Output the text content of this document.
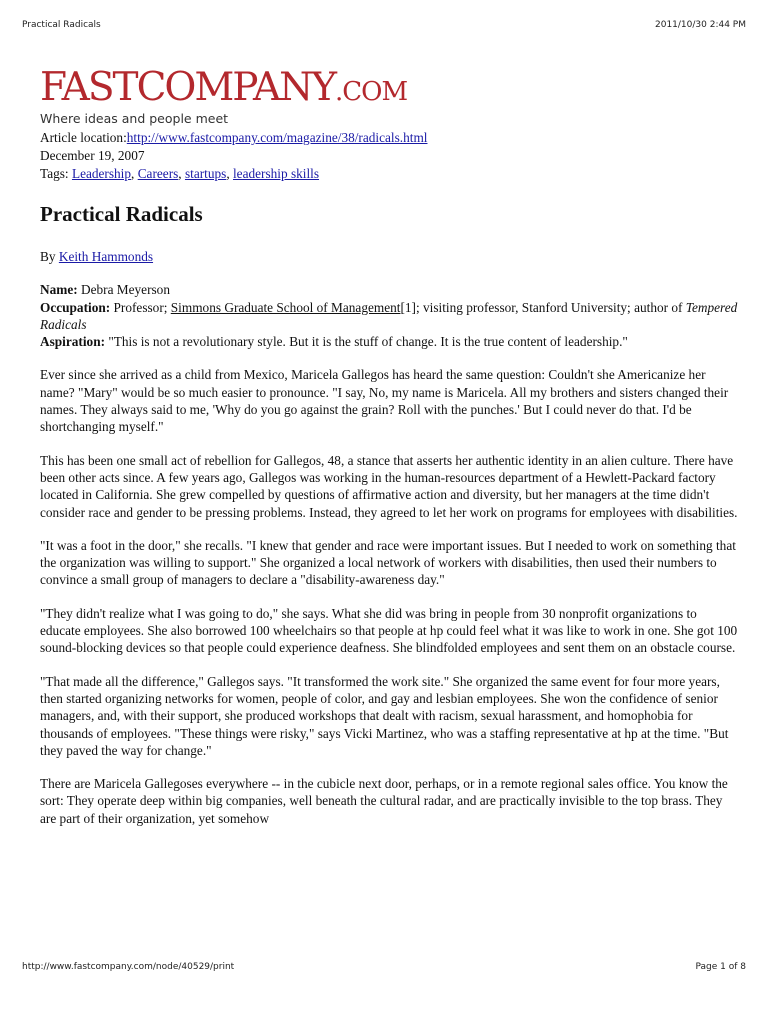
Practical Radicals	2011/10/30 2:44 PM
FASTCOMPANY.COM
Where ideas and people meet
Article location:http://www.fastcompany.com/magazine/38/radicals.html
December 19, 2007
Tags: Leadership, Careers, startups, leadership skills
Practical Radicals
By Keith Hammonds
Name: Debra Meyerson
Occupation: Professor; Simmons Graduate School of Management[1]; visiting professor, Stanford University; author of Tempered Radicals
Aspiration: "This is not a revolutionary style. But it is the stuff of change. It is the true content of leadership."

Ever since she arrived as a child from Mexico, Maricela Gallegos has heard the same question: Couldn't she Americanize her name? "Mary" would be so much easier to pronounce. "I say, No, my name is Maricela. All my brothers and sisters changed their names. They always said to me, 'Why do you go against the grain? Roll with the punches.' But I could never do that. I'd be shortchanging myself."

This has been one small act of rebellion for Gallegos, 48, a stance that asserts her authentic identity in an alien culture. There have been other acts since. A few years ago, Gallegos was working in the human-resources department of a Hewlett-Packard factory located in California. She grew compelled by questions of affirmative action and diversity, but her managers at the time didn't consider race and gender to be pressing problems. Instead, they agreed to let her work on programs for employees with disabilities.

"It was a foot in the door," she recalls. "I knew that gender and race were important issues. But I needed to work on something that the organization was willing to support." She organized a local network of workers with disabilities, then used their numbers to convince a small group of managers to declare a "disability-awareness day."

"They didn't realize what I was going to do," she says. What she did was bring in people from 30 nonprofit organizations to educate employees. She also borrowed 100 wheelchairs so that people at hp could feel what it was like to work in one. She got 100 sound-blocking devices so that people could experience deafness. She blindfolded employees and sent them on an obstacle course.

"That made all the difference," Gallegos says. "It transformed the work site." She organized the same event for four more years, then started organizing networks for women, people of color, and gay and lesbian employees. She won the confidence of senior managers, and, with their support, she produced workshops that dealt with racism, sexual harassment, and homophobia for thousands of employees. "These things were risky," says Vicki Martinez, who was a staffing representative at hp at the time. "But they paved the way for change."

There are Maricela Gallegoses everywhere -- in the cubicle next door, perhaps, or in a remote regional sales office. You know the sort: They operate deep within big companies, well beneath the cultural radar, and are practically invisible to the top brass. They are part of their organization, yet somehow

http://www.fastcompany.com/node/40529/print	Page 1 of 8
